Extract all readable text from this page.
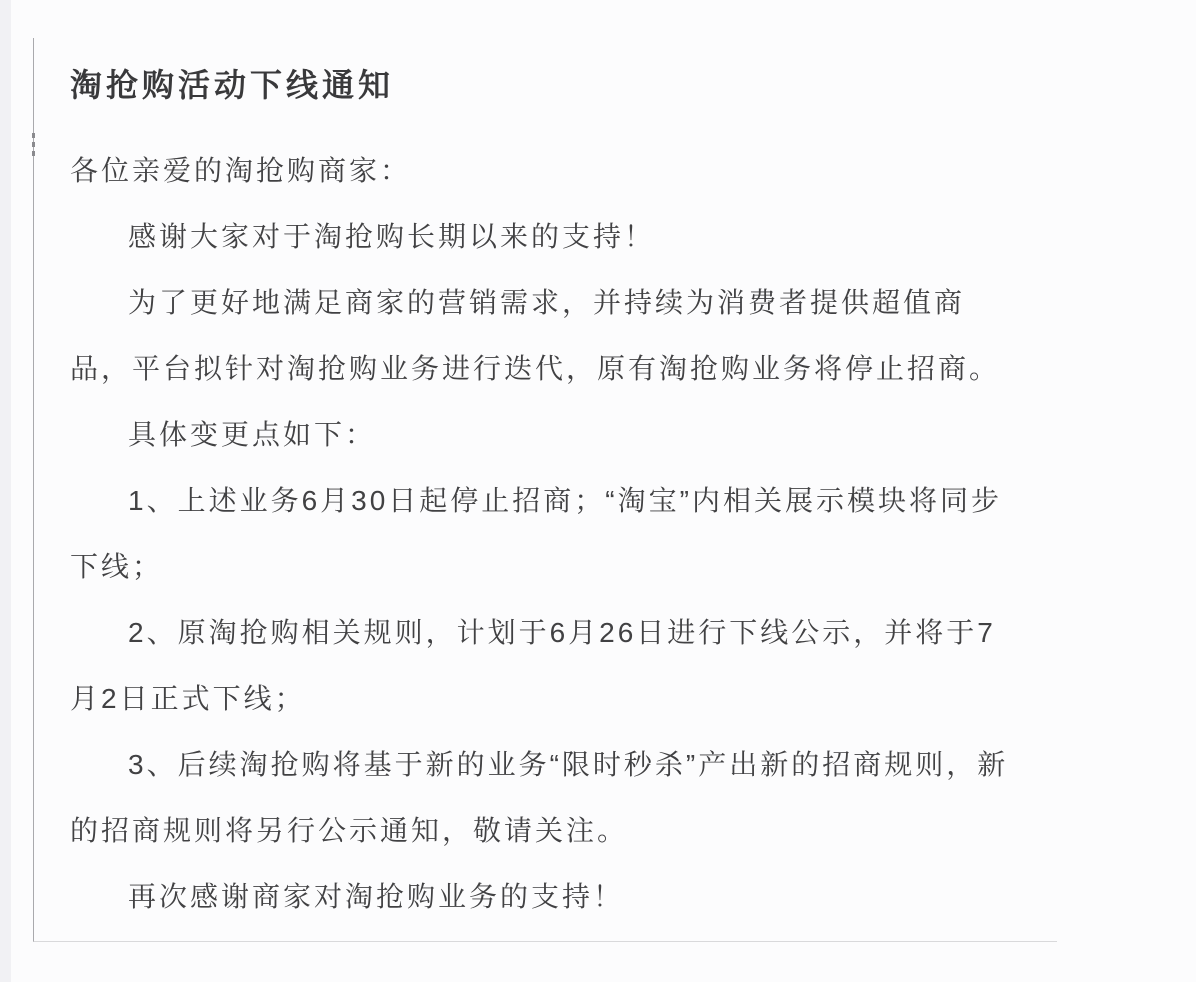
淘抢购活动下线通知
各位亲爱的淘抢购商家：
感谢大家对于淘抢购长期以来的支持！
为了更好地满足商家的营销需求，并持续为消费者提供超值商
品，平台拟针对淘抢购业务进行迭代，原有淘抢购业务将停止招商。
具体变更点如下：
1、上述业务6月30日起停止招商；“淘宝”内相关展示模块将同步
下线；
2、原淘抢购相关规则，计划于6月26日进行下线公示，并将于7
月2日正式下线；
3、后续淘抢购将基于新的业务“限时秒杀”产出新的招商规则，新
的招商规则将另行公示通知，敬请关注。
再次感谢商家对淘抢购业务的支持！
